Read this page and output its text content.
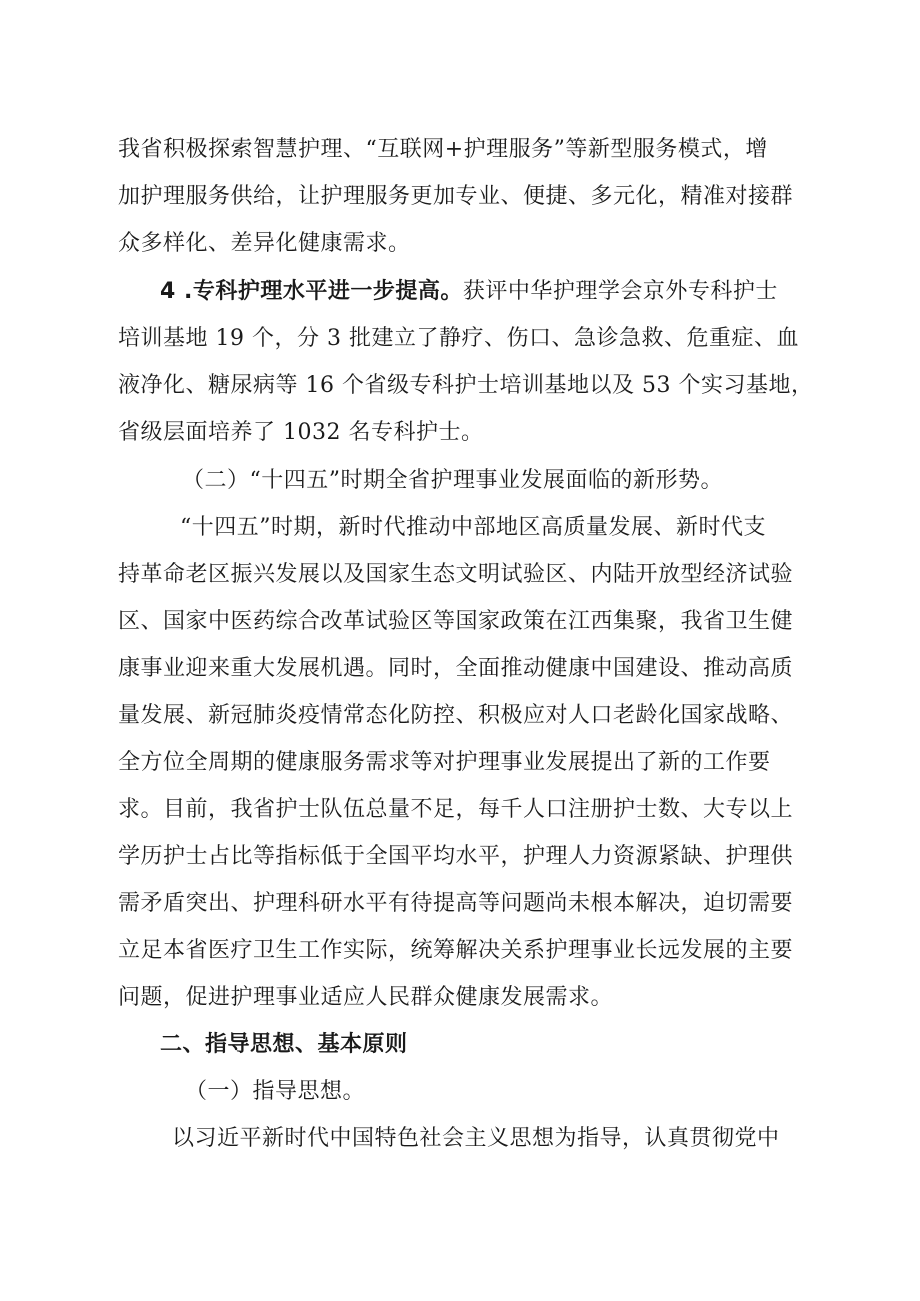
我省积极探索智慧护理、“互联网+护理服务”等新型服务模式，增
加护理服务供给，让护理服务更加专业、便捷、多元化，精准对接群
众多样化、差异化健康需求。
4 .专科护理水平进一步提高。获评中华护理学会京外专科护士
培训基地 19 个，分 3 批建立了静疗、伤口、急诊急救、危重症、血
液净化、糖尿病等 16 个省级专科护士培训基地以及 53 个实习基地，
省级层面培养了 1032 名专科护士。
（二）“十四五”时期全省护理事业发展面临的新形势。
“十四五”时期，新时代推动中部地区高质量发展、新时代支
持革命老区振兴发展以及国家生态文明试验区、内陆开放型经济试验
区、国家中医药综合改革试验区等国家政策在江西集聚，我省卫生健
康事业迎来重大发展机遇。同时，全面推动健康中国建设、推动高质
量发展、新冠肺炎疫情常态化防控、积极应对人口老龄化国家战略、
全方位全周期的健康服务需求等对护理事业发展提出了新的工作要
求。目前，我省护士队伍总量不足，每千人口注册护士数、大专以上
学历护士占比等指标低于全国平均水平，护理人力资源紧缺、护理供
需矛盾突出、护理科研水平有待提高等问题尚未根本解决，迫切需要
立足本省医疗卫生工作实际，统筹解决关系护理事业长远发展的主要
问题，促进护理事业适应人民群众健康发展需求。
二、指导思想、基本原则
（一）指导思想。
以习近平新时代中国特色社会主义思想为指导，认真贯彻党中
